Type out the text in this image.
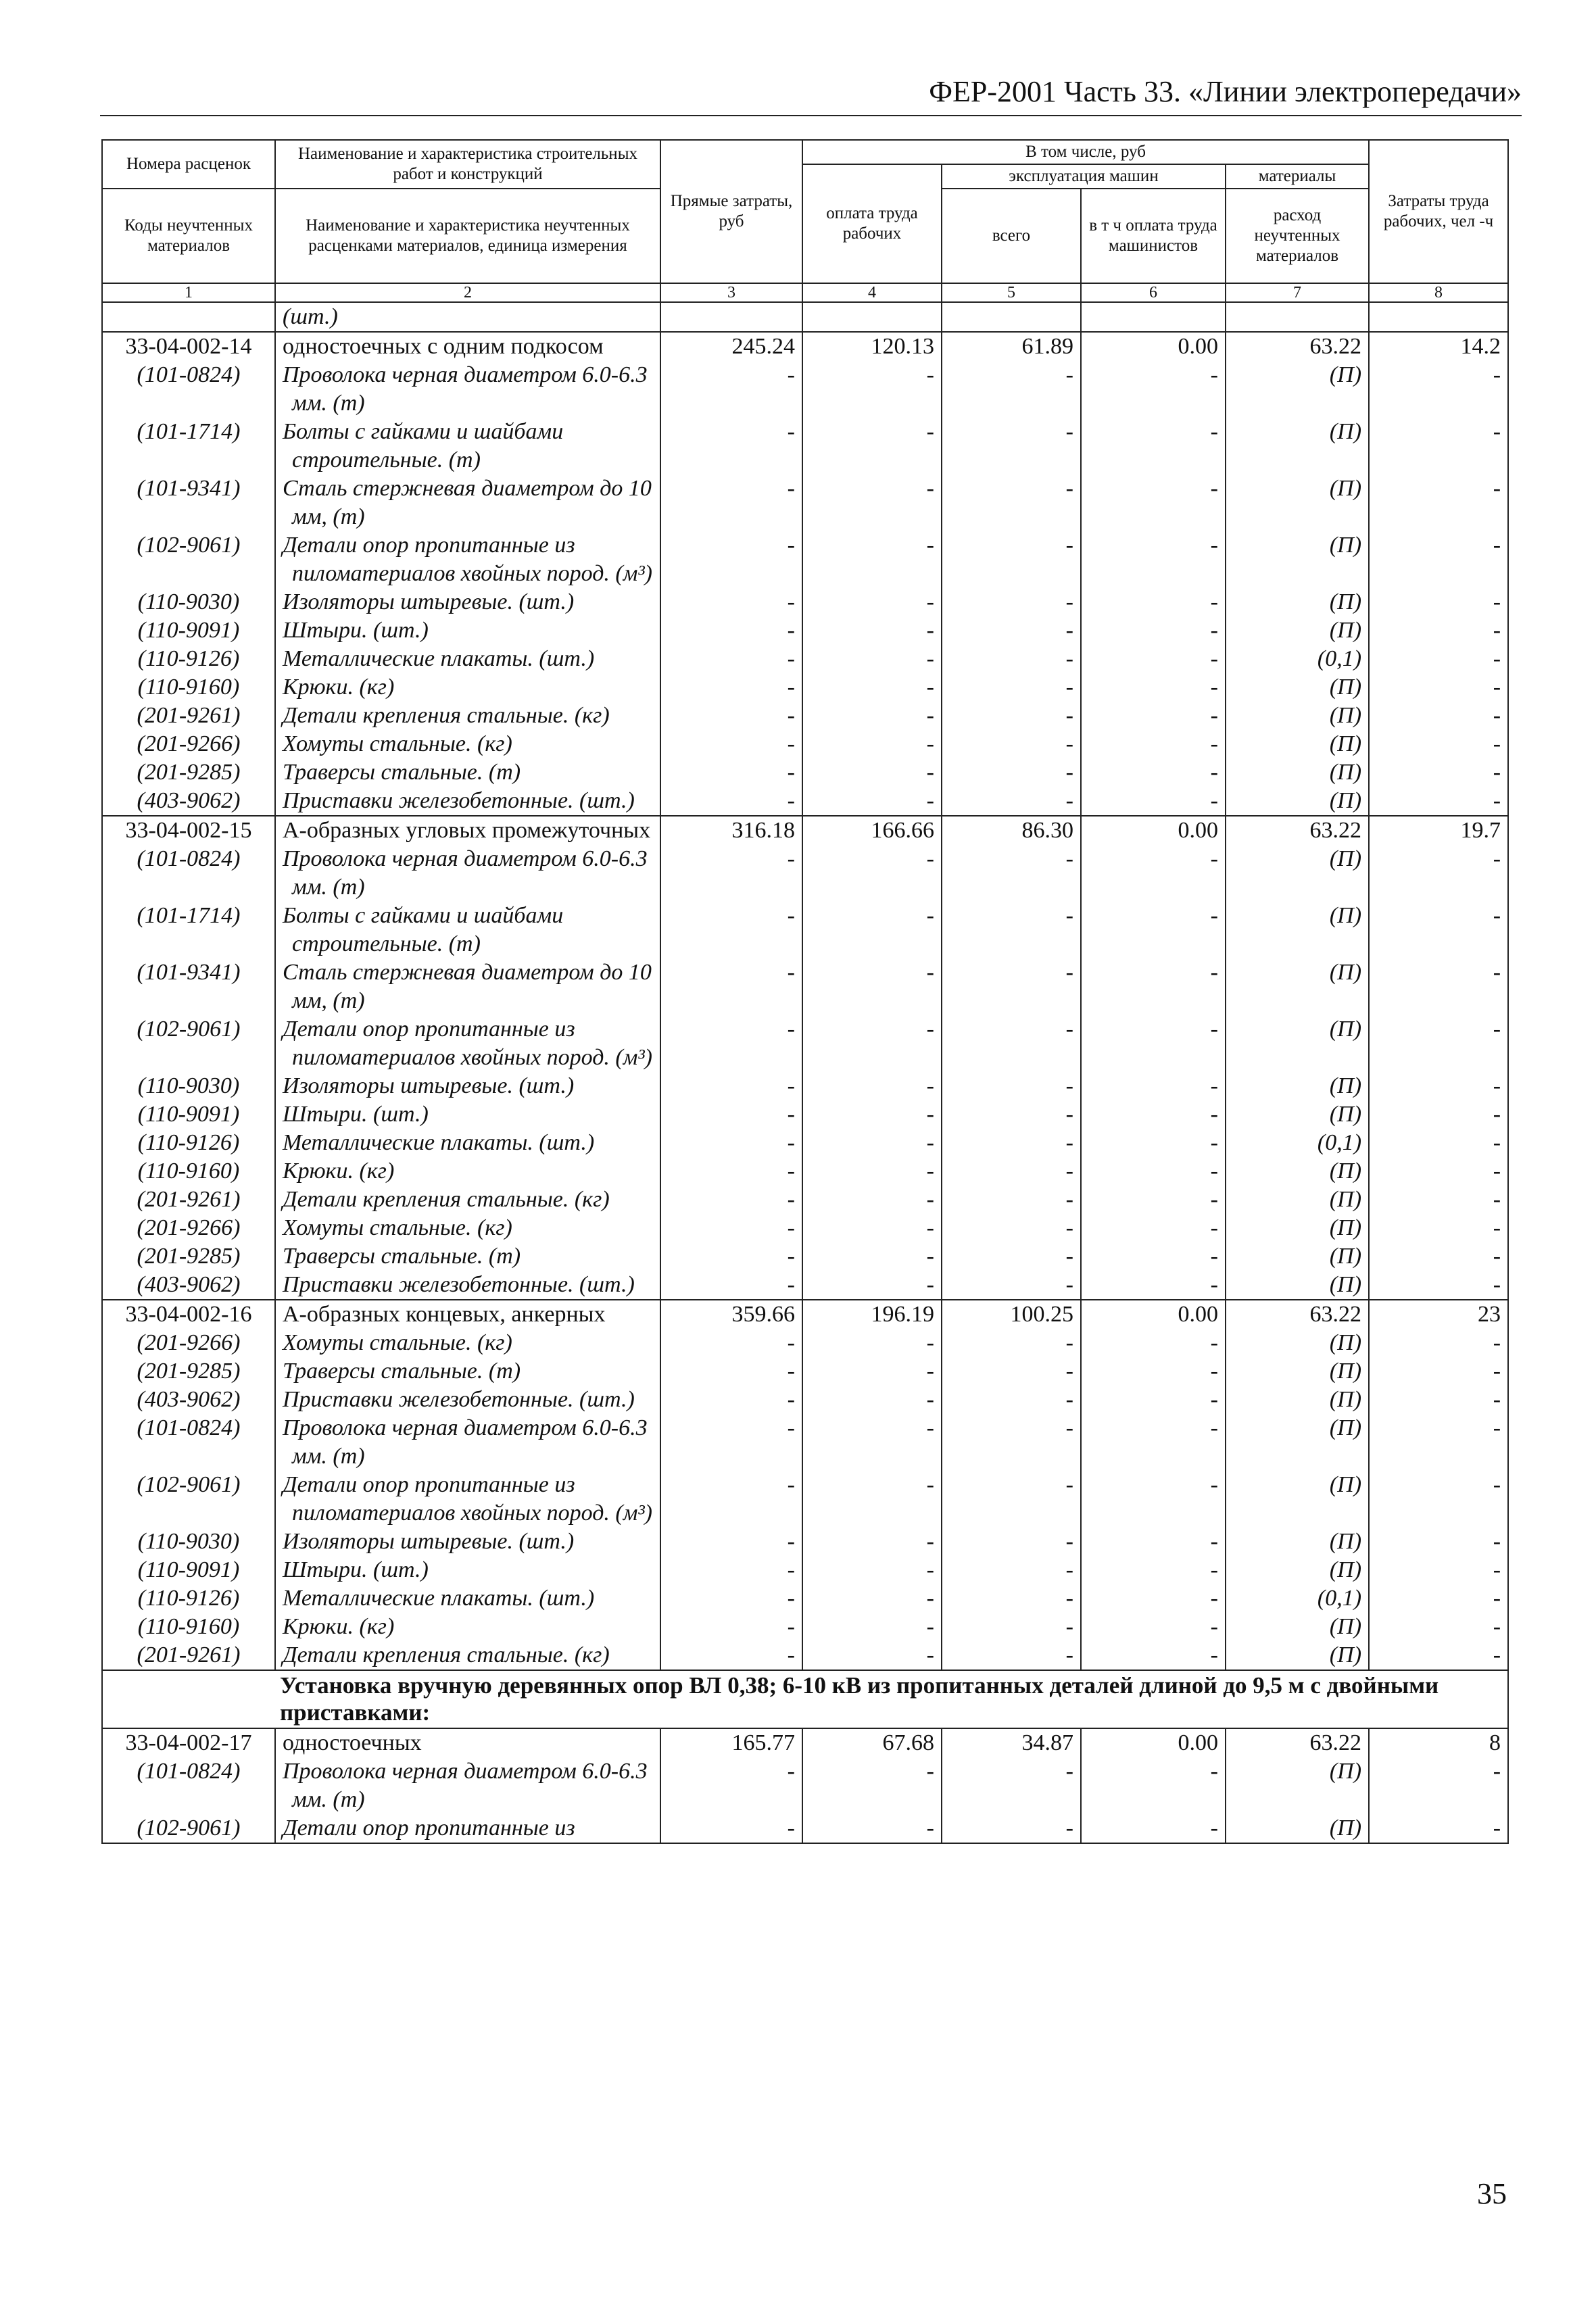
ФЕР-2001 Часть 33. «Линии электропередачи»
Номера расценок	Наименование и характеристика строительных работ и конструкций	Прямые затраты, руб	В том числе, руб				Затраты труда рабочих, чел -ч
			оплата труда рабочих	эксплуатация машин		материалы	
Коды неучтенных материалов	Наименование и характеристика неучтенных расценками материалов, единица измерения			всего	в т ч оплата труда машинистов	расход неучтенных материалов	

1	2	3	4	5	6	7	8
	(шт.)						
33-04-002-14	одностоечных с одним подкосом	245.24	120.13	61.89	0.00	63.22	14.2
(101-0824)	Проволока черная диаметром 6.0-6.3 мм. (т)	-	-	-	-	(П)	-
(101-1714)	Болты с гайками и шайбами строительные. (т)	-	-	-	-	(П)	-
(101-9341)	Сталь стержневая диаметром до 10 мм, (т)	-	-	-	-	(П)	-
(102-9061)	Детали опор пропитанные из пиломатериалов хвойных пород. (м³)	-	-	-	-	(П)	-
(110-9030)	Изоляторы штыревые. (шт.)	-	-	-	-	(П)	-
(110-9091)	Штыри. (шт.)	-	-	-	-	(П)	-
(110-9126)	Металлические плакаты. (шт.)	-	-	-	-	(0,1)	-
(110-9160)	Крюки. (кг)	-	-	-	-	(П)	-
(201-9261)	Детали крепления стальные. (кг)	-	-	-	-	(П)	-
(201-9266)	Хомуты стальные. (кг)	-	-	-	-	(П)	-
(201-9285)	Траверсы стальные. (т)	-	-	-	-	(П)	-
(403-9062)	Приставки железобетонные. (шт.)	-	-	-	-	(П)	-
33-04-002-15	А-образных угловых промежуточных	316.18	166.66	86.30	0.00	63.22	19.7
(101-0824)	Проволока черная диаметром 6.0-6.3 мм. (т)	-	-	-	-	(П)	-
(101-1714)	Болты с гайками и шайбами строительные. (т)	-	-	-	-	(П)	-
(101-9341)	Сталь стержневая диаметром до 10 мм, (т)	-	-	-	-	(П)	-
(102-9061)	Детали опор пропитанные из пиломатериалов хвойных пород. (м³)	-	-	-	-	(П)	-
(110-9030)	Изоляторы штыревые. (шт.)	-	-	-	-	(П)	-
(110-9091)	Штыри. (шт.)	-	-	-	-	(П)	-
(110-9126)	Металлические плакаты. (шт.)	-	-	-	-	(0,1)	-
(110-9160)	Крюки. (кг)	-	-	-	-	(П)	-
(201-9261)	Детали крепления стальные. (кг)	-	-	-	-	(П)	-
(201-9266)	Хомуты стальные. (кг)	-	-	-	-	(П)	-
(201-9285)	Траверсы стальные. (т)	-	-	-	-	(П)	-
(403-9062)	Приставки железобетонные. (шт.)	-	-	-	-	(П)	-
33-04-002-16	А-образных концевых, анкерных	359.66	196.19	100.25	0.00	63.22	23
(201-9266)	Хомуты стальные. (кг)	-	-	-	-	(П)	-
(201-9285)	Траверсы стальные. (т)	-	-	-	-	(П)	-
(403-9062)	Приставки железобетонные. (шт.)	-	-	-	-	(П)	-
(101-0824)	Проволока черная диаметром 6.0-6.3 мм. (т)	-	-	-	-	(П)	-
(102-9061)	Детали опор пропитанные из пиломатериалов хвойных пород. (м³)	-	-	-	-	(П)	-
(110-9030)	Изоляторы штыревые. (шт.)	-	-	-	-	(П)	-
(110-9091)	Штыри. (шт.)	-	-	-	-	(П)	-
(110-9126)	Металлические плакаты. (шт.)	-	-	-	-	(0,1)	-
(110-9160)	Крюки. (кг)	-	-	-	-	(П)	-
(201-9261)	Детали крепления стальные. (кг)	-	-	-	-	(П)	-
Установка вручную деревянных опор ВЛ 0,38; 6-10 кВ из пропитанных деталей длиной до 9,5 м с двойными приставками:							
33-04-002-17	одностоечных	165.77	67.68	34.87	0.00	63.22	8
(101-0824)	Проволока черная диаметром 6.0-6.3 мм. (т)	-	-	-	-	(П)	-
(102-9061)	Детали опор пропитанные из	-	-	-	-	(П)	-
35
